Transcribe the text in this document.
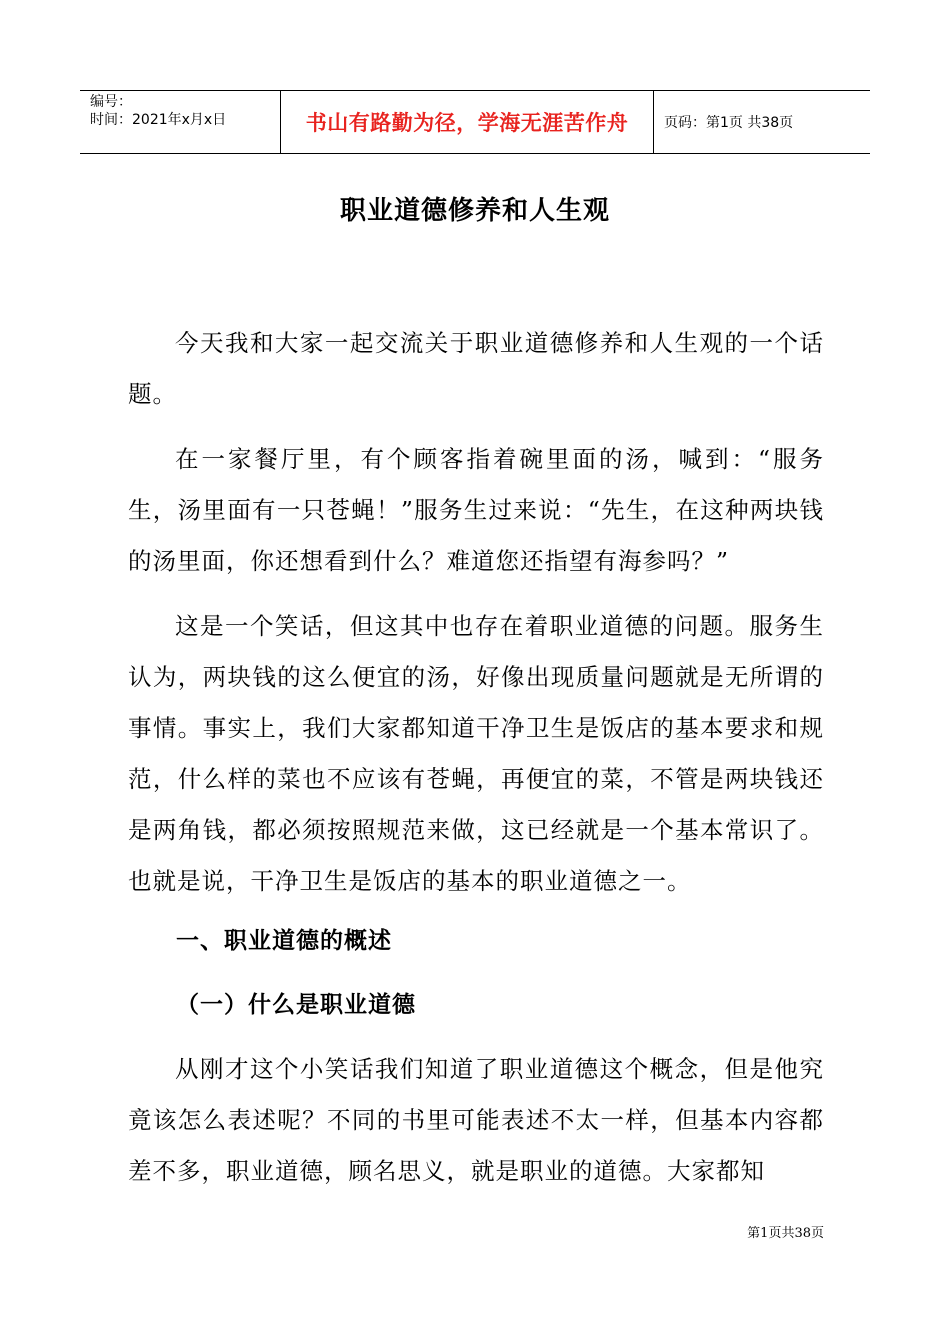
编号：
时间：2021年x月x日	书山有路勤为径，学海无涯苦作舟	页码：第1页 共38页
职业道德修养和人生观

今天我和大家一起交流关于职业道德修养和人生观的一个话题。

在一家餐厅里，有个顾客指着碗里面的汤，喊到：“服务生，汤里面有一只苍蝇！”服务生过来说：“先生，在这种两块钱的汤里面，你还想看到什么？难道您还指望有海参吗？”

这是一个笑话，但这其中也存在着职业道德的问题。服务生认为，两块钱的这么便宜的汤，好像出现质量问题就是无所谓的事情。事实上，我们大家都知道干净卫生是饭店的基本要求和规范，什么样的菜也不应该有苍蝇，再便宜的菜，不管是两块钱还是两角钱，都必须按照规范来做，这已经就是一个基本常识了。也就是说，干净卫生是饭店的基本的职业道德之一。

一、职业道德的概述
（一）什么是职业道德

从刚才这个小笑话我们知道了职业道德这个概念，但是他究竟该怎么表述呢？不同的书里可能表述不太一样，但基本内容都差不多，职业道德，顾名思义，就是职业的道德。大家都知

第1页共38页
